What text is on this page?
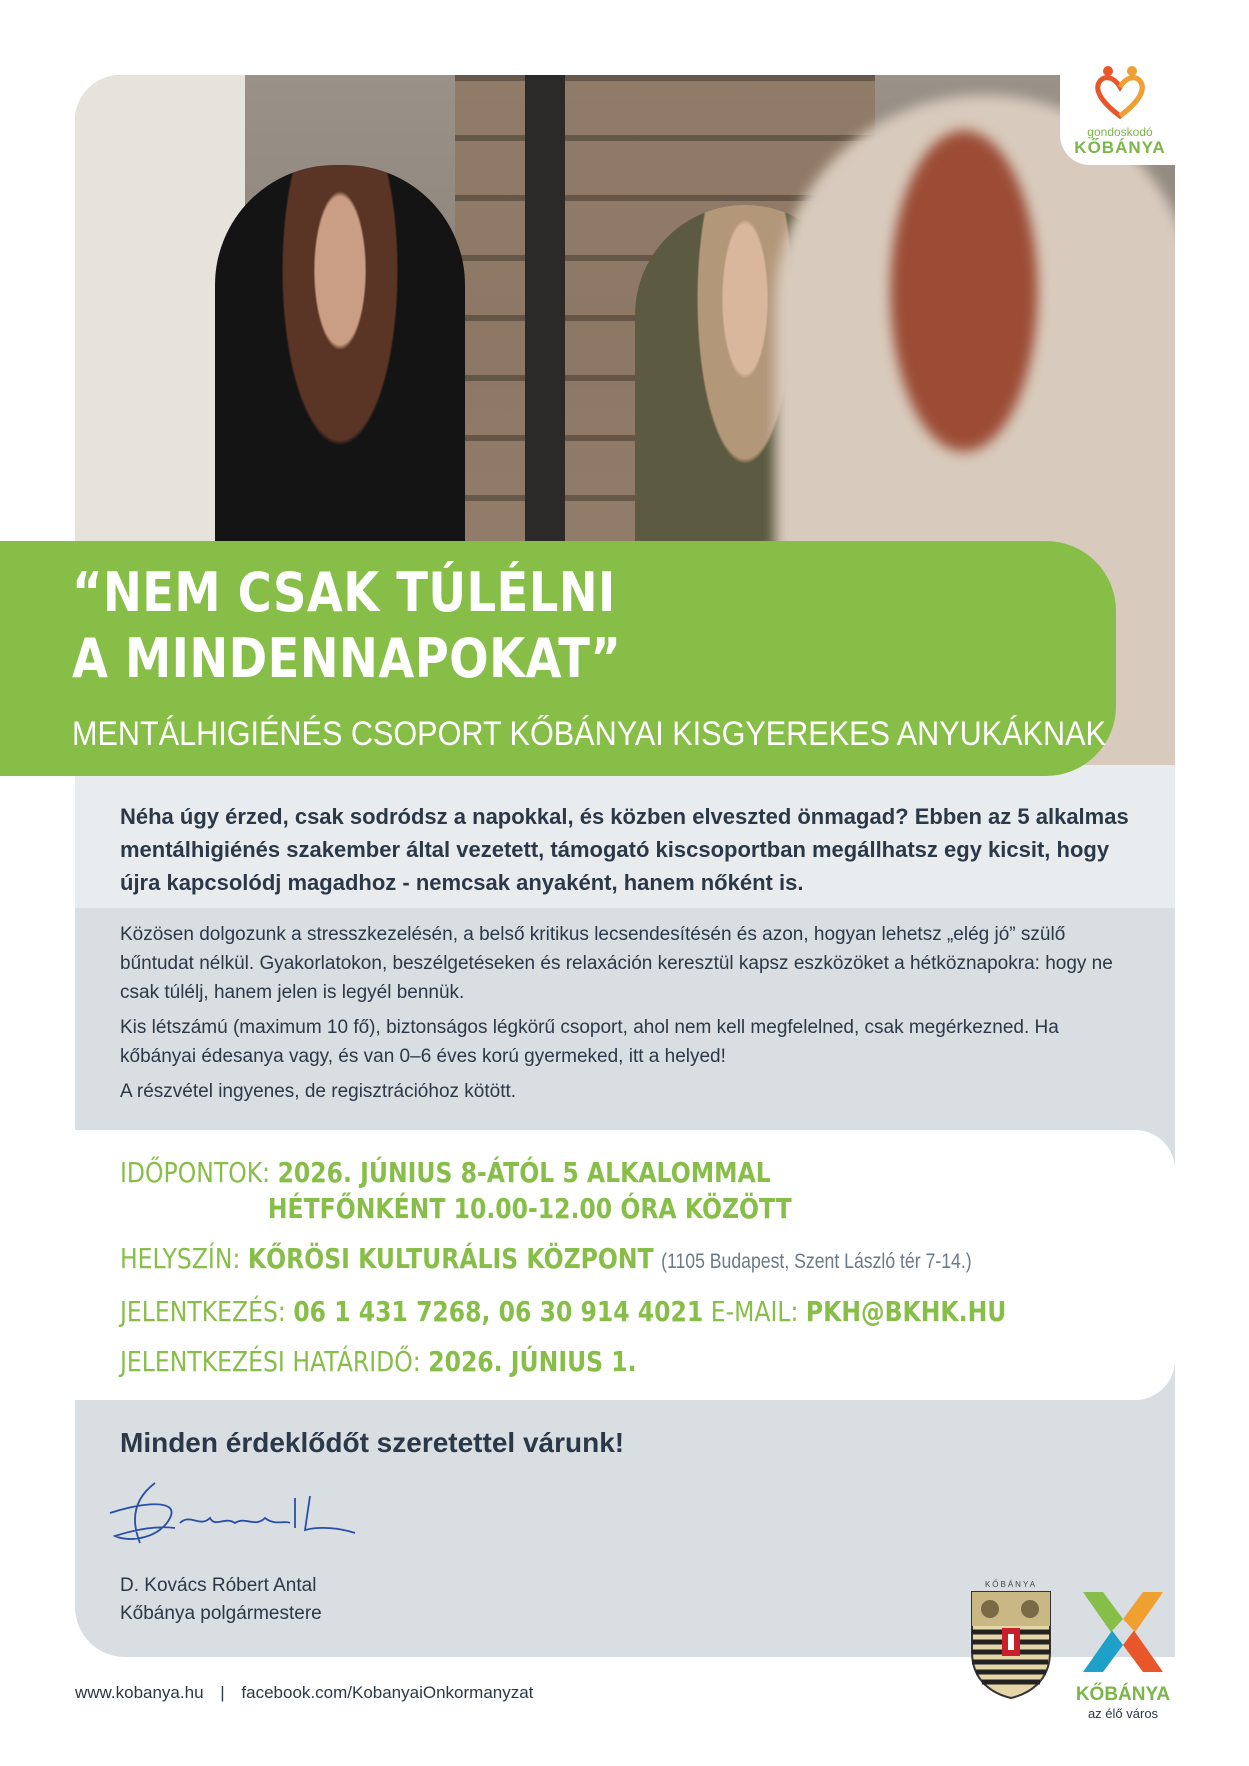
gondoskodó
KŐBÁNYA
“NEM CSAK TÚLÉLNI
A MINDENNAPOKAT”
MENTÁLHIGIÉNÉS CSOPORT KŐBÁNYAI KISGYEREKES ANYUKÁKNAK
Néha úgy érzed, csak sodródsz a napokkal, és közben elveszted önmagad? Ebben az 5 alkalmas mentálhigiénés szakember által vezetett, támogató kiscsoportban megállhatsz egy kicsit, hogy újra kapcsolódj magadhoz - nemcsak anyaként, hanem nőként is.

Közösen dolgozunk a stresszkezelésén, a belső kritikus lecsendesítésén és azon, hogyan lehetsz „elég jó” szülő bűntudat nélkül. Gyakorlatokon, beszélgetéseken és relaxáción keresztül kapsz eszközöket a hétköznapokra: hogy ne csak túlélj, hanem jelen is legyél bennük.

Kis létszámú (maximum 10 fő), biztonságos légkörű csoport, ahol nem kell megfelelned, csak megérkezned. Ha kőbányai édesanya vagy, és van 0–6 éves korú gyermeked, itt a helyed!

A részvétel ingyenes, de regisztrációhoz kötött.

IDŐPONTOK: 2026. JÚNIUS 8-ÁTÓL 5 ALKALOMMAL
HÉTFŐNKÉNT 10.00-12.00 ÓRA KÖZÖTT
HELYSZÍN: KŐRÖSI KULTURÁLIS KÖZPONT (1105 Budapest, Szent László tér 7-14.)
JELENTKEZÉS: 06 1 431 7268, 06 30 914 4021 E-MAIL: PKH@BKHK.HU
JELENTKEZÉSI HATÁRIDŐ: 2026. JÚNIUS 1.
Minden érdeklődőt szeretettel várunk!
D. Kovács Róbert Antal
Kőbánya polgármestere
www.kobanya.hu | facebook.com/KobanyaiOnkormanyzat
KŐBÁNYA
KŐBÁNYA
az élő város
